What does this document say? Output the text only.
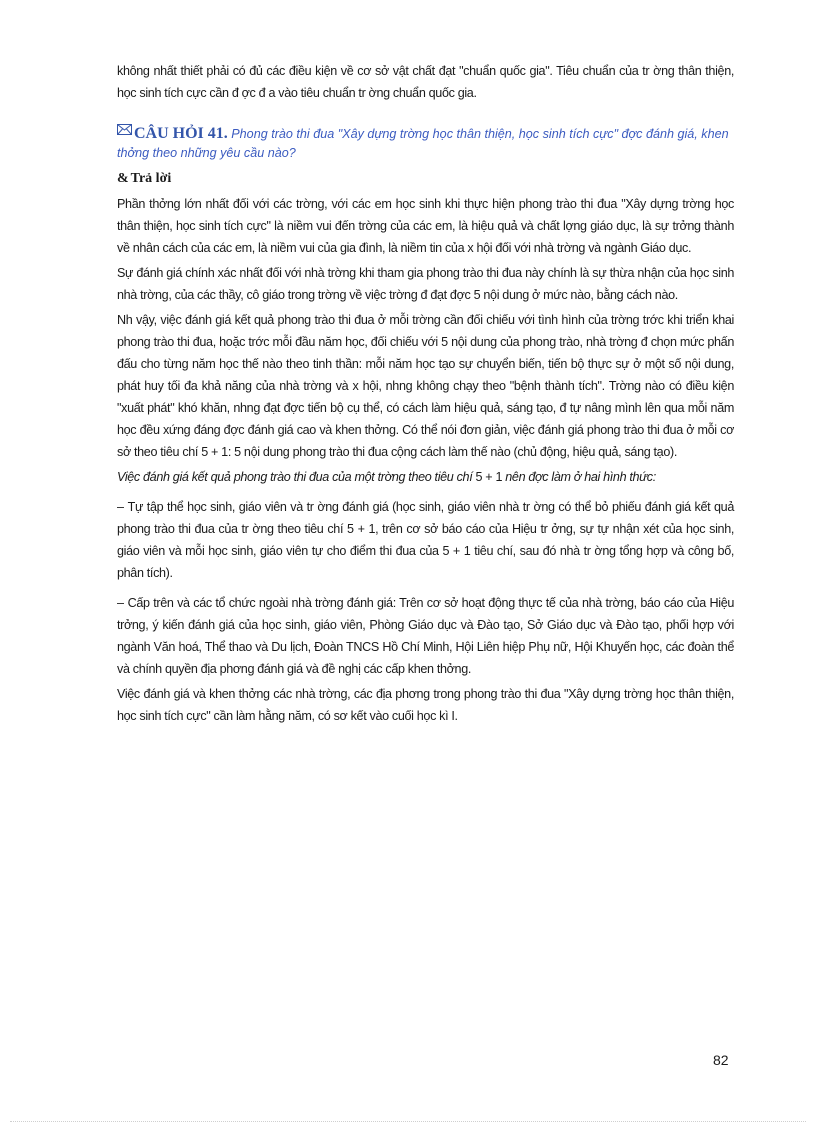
không nhất thiết phải có đủ các điều kiện về cơ sở vật chất đạt "chuẩn quốc gia". Tiêu chuẩn của tr ờng thân thiện, học sinh tích cực cần đ ợc đ a vào tiêu chuẩn tr ờng chuẩn quốc gia.

CÂU HỎI 41. Phong trào thi đua "Xây dựng trờng học thân thiện, học sinh tích cực" đợc đánh giá, khen thởng theo những yêu cầu nào?
& Trả lời

Phần thởng lớn nhất đối với các trờng, với các em học sinh khi thực hiện phong trào thi đua "Xây dựng trờng học thân thiện, học sinh tích cực" là niềm vui đến trờng của các em, là hiệu quả và chất lợng giáo dục, là sự trởng thành về nhân cách của các em, là niềm vui của gia đình, là niềm tin của x hội đối với nhà trờng và ngành Giáo dục.

Sự đánh giá chính xác nhất đối với nhà trờng khi tham gia phong trào thi đua này chính là sự thừa nhận của học sinh nhà trờng, của các thầy, cô giáo trong trờng về việc trờng đ đạt đợc 5 nội dung ở mức nào, bằng cách nào.

Nh vậy, việc đánh giá kết quả phong trào thi đua ở mỗi trờng cần đối chiếu với tình hình của trờng trớc khi triển khai phong trào thi đua, hoặc trớc mỗi đầu năm học, đối chiếu với 5 nội dung của phong trào, nhà trờng đ chọn mức phấn đấu cho từng năm học thế nào theo tinh thần: mỗi năm học tạo sự chuyển biến, tiến bộ thực sự ở một số nội dung, phát huy tối đa khả năng của nhà trờng và x hội, nhng không chạy theo "bệnh thành tích". Trờng nào có điều kiện "xuất phát" khó khăn, nhng đạt đợc tiến bộ cụ thể, có cách làm hiệu quả, sáng tạo, đ tự nâng mình lên qua mỗi năm học đều xứng đáng đợc đánh giá cao và khen thởng. Có thể nói đơn giản, việc đánh giá phong trào thi đua ở mỗi cơ sở theo tiêu chí 5 + 1: 5 nội dung phong trào thi đua cộng cách làm thế nào (chủ động, hiệu quả, sáng tạo).

Việc đánh giá kết quả phong trào thi đua của một trờng theo tiêu chí 5 + 1 nên đợc làm ở hai hình thức:

– Tự tập thể học sinh, giáo viên và tr ờng đánh giá (học sinh, giáo viên nhà tr ờng có thể bỏ phiếu đánh giá kết quả phong trào thi đua của tr ờng theo tiêu chí 5 + 1, trên cơ sở báo cáo của Hiệu tr ởng, sự tự nhận xét của học sinh, giáo viên và mỗi học sinh, giáo viên tự cho điểm thi đua của 5 + 1 tiêu chí, sau đó nhà tr ờng tổng hợp và công bố, phân tích).

– Cấp trên và các tổ chức ngoài nhà trờng đánh giá: Trên cơ sở hoạt động thực tế của nhà trờng, báo cáo của Hiệu trởng, ý kiến đánh giá của học sinh, giáo viên, Phòng Giáo dục và Đào tạo, Sở Giáo dục và Đào tạo, phối hợp với ngành Văn hoá, Thể thao và Du lịch, Đoàn TNCS Hồ Chí Minh, Hội Liên hiệp Phụ nữ, Hội Khuyến học, các đoàn thể và chính quyền địa phơng đánh giá và đề nghị các cấp khen thởng.

Việc đánh giá và khen thởng các nhà trờng, các địa phơng trong phong trào thi đua "Xây dựng trờng học thân thiện, học sinh tích cực" cần làm hằng năm, có sơ kết vào cuối học kì I.

82
